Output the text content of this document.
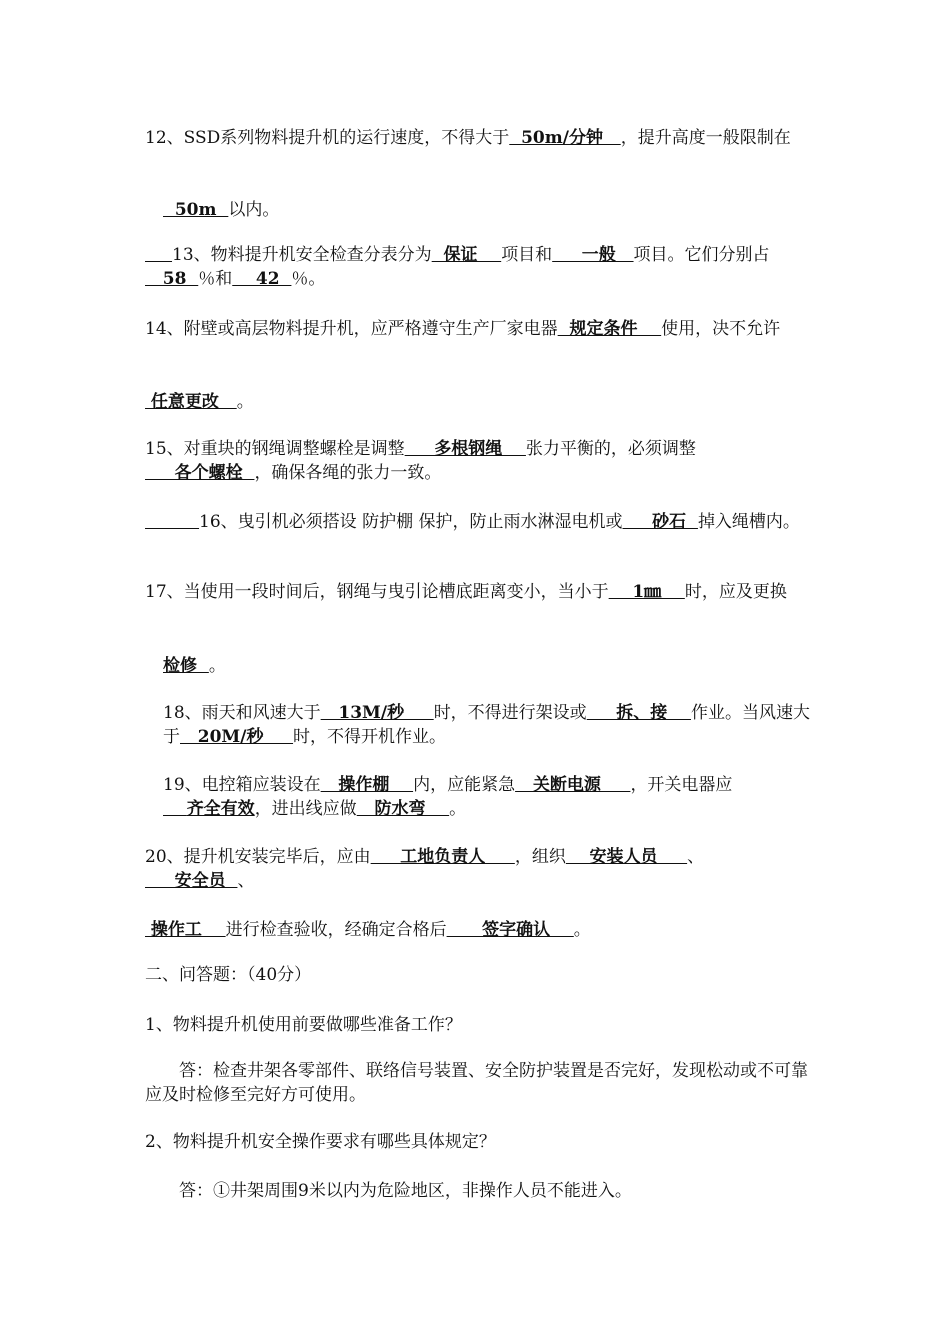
12、SSD系列物料提升机的运行速度，不得大于  50m/分钟   ，提升高度一般限制在

50m  以内。

13、物料提升机安全检查分表分为  保证    项目和     一般   项目。它们分别占   58  ％和    42  ％。

14、附壁或高层物料提升机，应严格遵守生产厂家电器  规定条件    使用，决不允许

任意更改   。

15、对重块的钢绳调整螺栓是调整     多根钢绳    张力平衡的，必须调整     各个螺栓  ，确保各绳的张力一致。

16、曳引机必须搭设 防护棚 保护，防止雨水淋湿电机或     砂石  掉入绳槽内。

17、当使用一段时间后，钢绳与曳引论槽底距离变小，当小于    1㎜    时，应及更换

检修  。

18、雨天和风速大于   13M/秒     时，不得进行架设或     拆、接    作业。当风速大于   20M/秒     时，不得开机作业。

19、电控箱应装设在   操作棚    内，应能紧急   关断电源     ，开关电器应    齐全有效，进出线应做   防水弯    。

20、提升机安装完毕后，应由     工地负责人     ，组织    安装人员     、     安全员  、

操作工    进行检查验收，经确定合格后      签字确认    。

二、问答题：（40分）

1、物料提升机使用前要做哪些准备工作？

答：检查井架各零部件、联络信号装置、安全防护装置是否完好，发现松动或不可靠应及时检修至完好方可使用。

2、物料提升机安全操作要求有哪些具体规定？

答：①井架周围9米以内为危险地区，非操作人员不能进入。
